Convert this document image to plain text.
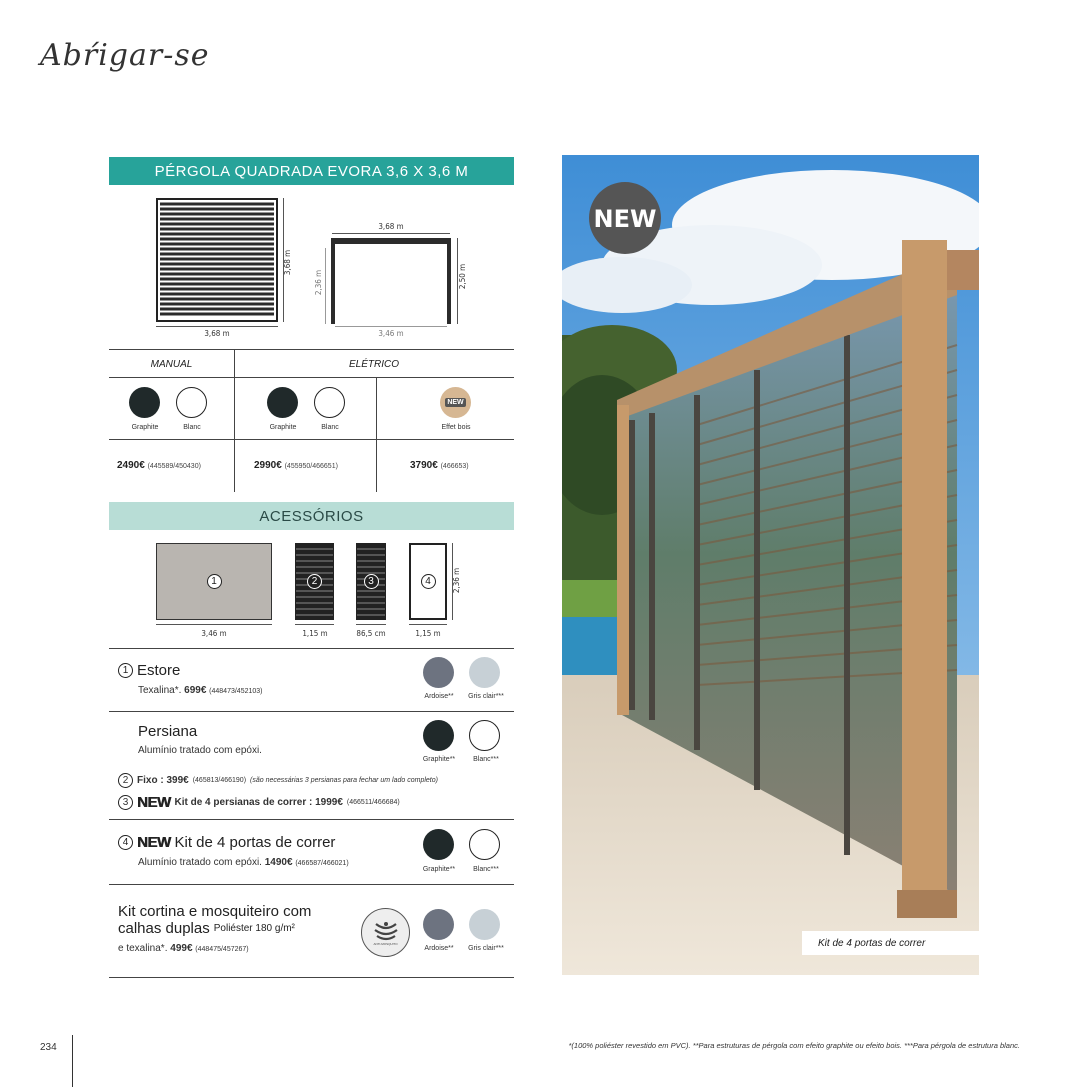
Abŕigar-se
PÉRGOLA QUADRADA EVORA 3,6 X 3,6 M
3,68 m
3,68 m
3,68 m
3,46 m
2,50 m
2,36 m
MANUAL	ELÉTRICO
Graphite	Blanc	Graphite	Blanc
NEW
Effet bois
2490€ (445589/450430)	2990€ (455950/466651)	3790€ (466653)
ACESSÓRIOS
1	2	3	4
3,46 m	1,15 m	86,5 cm	1,15 m
2,36 m
1 Estore
Texalina*. 699€ (448473/452103)
Ardoise**	Gris clair***
Persiana
Alumínio tratado com epóxi.
Graphite**	Blanc***
2 Fixo : 399€ (465813/466190) (são necessárias 3 persianas para fechar um lado completo)
3 NEW Kit de 4 persianas de correr : 1999€ (466511/466684)
4 NEW Kit de 4 portas de correr
Alumínio tratado com epóxi. 1490€ (466587/466021)
Graphite**	Blanc***
Kit cortina e mosquiteiro com
calhas duplas Poliéster 180 g/m²
e texalina*. 499€ (448475/457267)
ANTI-MOSQUITO
Ardoise**	Gris clair***
NEW
Kit de 4 portas de correr
234	*(100% poliéster revestido em PVC). **Para estruturas de pérgola com efeito graphite ou efeito bois. ***Para pérgola de estrutura blanc.
